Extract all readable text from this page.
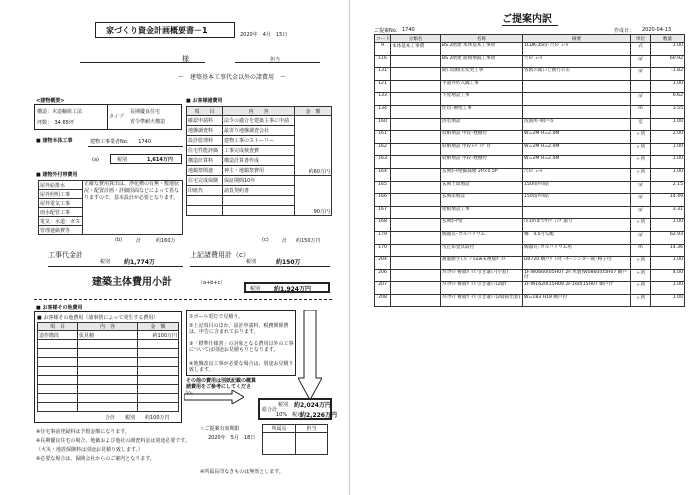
家づくり資金計画概要書－1	2020年　4月　15日
様	担当
～　建築基本工事代金以外の諸費用　～
<建物概要>
構造：木造軸組工法
坪数：　34.65坪
タイプ
長期優良住宅
省令準耐火構造
■ 建物本体工事	建物工事業者No.　　1740
(a)	税別	1,614万円
■ 建物外付帯費用
屋外給排水	正確な費用算出は、浄化槽の有無・敷地状況・配置計画・詳細図面などによって異なりますので、基本設計が必要となります。
屋外照明工事
屋外電気工事
雨水配管工事
電気：水道：ガス
管理連絡費等
(b)	計	約160万
■ お客様諸費用
項　　目	内　　容	金　額
確認申請料	法令の適合を建築主事に申請	約60万円
地盤調査料	最寄り地盤調査会社	
設計監理料	建物工事のストーリー	
住宅性能評価	工事完成検査費	
構造計算料	構造計算書作成	
地鎮祭関連	神主・地鎮祭費用	
住宅完成保険	保証期間10年	90万円
印紙代	請負契約書	

(c)	計 約150万円
工事代金計
税別 約1,774万
上記諸費用計（c）
税別	約150万
建築主体費用小計	（a+b+c）
税別 約1,924万円
■ お客様その他費用
■ お客様その他費用（諸事情によって発生する費用）
項　目	内　容	金　額
造作階段	仮見積	約100万円

合計 税別 約100万円
①ボール電灯で見積り。
②上記項目のほか、設計申請料、税務関係費は、申告に含まれております。
③「標準仕様書」の対象となる費用以外の工事については別途お見積もりとなります。
④地盤改良工事が必要な場合は、別途お見積り致します。
その他の費用は別紙記載の概算諸費用をご参考にしてください。
総合計
税別 約2,024万円
10%　税込
約2,226万円
☆ご提案有効期限
2020年　5月　18日
所属長	担当

※住宅事前登録料は予想金額になります。
※長期優良住宅の場合、地価および他社の調査料金は別途必要です。
（火災・地震保険料は別途お見積り致します。）
※必要な場合は、保険会社からのご案内となります。
※所属長印なきものは無効とします。
ご提案内訳
ご提案No. 1740	作成日： 2020-04-13
コード	分類名	名称	摘要	単位	数量
9	本体基本工事費	BS 2階建 本体基本工事費	1LDK-35㎡･尺ﾓｼﾞｭｰﾙ	式	1.00
116		BS 2階建 面積増減工事費	尺ﾓｼﾞｭｰﾙ	㎡	60.92
131		開口面積差変更工事	各階の開口と換行の差	㎡	-1.82
121		平面外形入隅工事			1.00
133		下屋増設工事		㎡	6.62
134		住切･袖壁工事		m	3.55
160		浴室増設	洗面所･納戸等	室	1.00
161		収納増設 中段･枕棚付	W=2M H=2.4M	ヶ所	2.00
162		収納増設 中段+ﾊﾟｲﾌﾟ付	W=2M H=2.4M	ヶ所	1.00
163		収納増設 中段･枕棚付	W=2M H=2.4M	ヶ所	1.00
164		玄関ﾎｰﾙ壁掘減額 2P×0.5P	尺ﾓｼﾞｭｰﾙ	ヶ所	1.00
165		玄関土間増設	150角ﾀｲﾙ貼	㎡	2.15
166		玄関床増設	150角ﾀｲﾙ貼	㎡	14.49
167		屋根増設工事		㎡	3.31
168		玄関ﾎｰﾁ壁	巾1mまでｻｲﾃﾞｨﾝｸﾞ貼り	ヶ所	1.00
179		陶器瓦･ガルバリウム	棟　4.5寸勾配	㎡	62.93
170		雪止め金具取付	陶器瓦･ガルバリウム用	m	14.36
204		通風勝手口ﾄﾞｱ Low-E複層ｶﾞﾗｽ	D0720 網戸ﾊﾞﾄﾗﾎﾞｰﾀｰ･シンダー錠･格子付	ヶ所	1.00
206		ｱﾙﾐｻｯｼ 複層ｶﾞﾗｽ 引き違い(小窓)	1F:W0660(05H07 2F:木製)W0860(05H07 網戸付	ヶ所	4.00
207		ｱﾙﾐｻｯｼ 複層ｶﾞﾗｽ 引き違い(2層)	1F:W1620(15H09 2F:160(15H07 網戸付	ヶ所	1.00
208		ｱﾙﾐｻｯｼ 複層ｶﾞﾗｽ 引き違い(2層掃出窓)	W=183 H18 網戸付	ヶ所	1.00
